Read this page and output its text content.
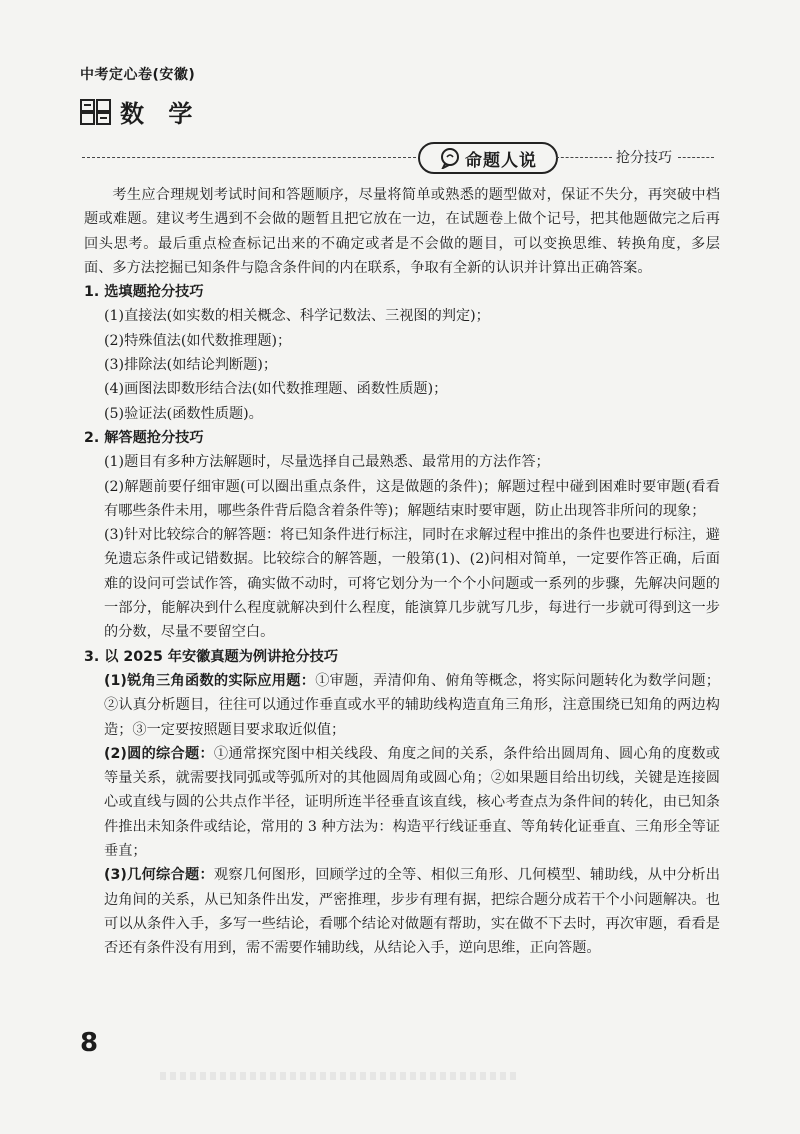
中考定心卷(安徽)
数 学
命题人说	抢分技巧

考生应合理规划考试时间和答题顺序，尽量将简单或熟悉的题型做对，保证不失分，再突破中档题或难题。建议考生遇到不会做的题暂且把它放在一边，在试题卷上做个记号，把其他题做完之后再回头思考。最后重点检查标记出来的不确定或者是不会做的题目，可以变换思维、转换角度，多层面、多方法挖掘已知条件与隐含条件间的内在联系，争取有全新的认识并计算出正确答案。

1. 选填题抢分技巧

(1)直接法(如实数的相关概念、科学记数法、三视图的判定)；

(2)特殊值法(如代数推理题)；

(3)排除法(如结论判断题)；

(4)画图法即数形结合法(如代数推理题、函数性质题)；

(5)验证法(函数性质题)。

2. 解答题抢分技巧

(1)题目有多种方法解题时，尽量选择自己最熟悉、最常用的方法作答；

(2)解题前要仔细审题(可以圈出重点条件，这是做题的条件)；解题过程中碰到困难时要审题(看看有哪些条件未用，哪些条件背后隐含着条件等)；解题结束时要审题，防止出现答非所问的现象；

(3)针对比较综合的解答题：将已知条件进行标注，同时在求解过程中推出的条件也要进行标注，避免遗忘条件或记错数据。比较综合的解答题，一般第(1)、(2)问相对简单，一定要作答正确，后面难的设问可尝试作答，确实做不动时，可将它划分为一个个小问题或一系列的步骤，先解决问题的一部分，能解决到什么程度就解决到什么程度，能演算几步就写几步，每进行一步就可得到这一步的分数，尽量不要留空白。

3. 以 2025 年安徽真题为例讲抢分技巧

(1)锐角三角函数的实际应用题：①审题，弄清仰角、俯角等概念，将实际问题转化为数学问题；②认真分析题目，往往可以通过作垂直或水平的辅助线构造直角三角形，注意围绕已知角的两边构造；③一定要按照题目要求取近似值；

(2)圆的综合题：①通常探究图中相关线段、角度之间的关系，条件给出圆周角、圆心角的度数或等量关系，就需要找同弧或等弧所对的其他圆周角或圆心角；②如果题目给出切线，关键是连接圆心或直线与圆的公共点作半径，证明所连半径垂直该直线，核心考查点为条件间的转化，由已知条件推出未知条件或结论，常用的 3 种方法为：构造平行线证垂直、等角转化证垂直、三角形全等证垂直；

(3)几何综合题：观察几何图形，回顾学过的全等、相似三角形、几何模型、辅助线，从中分析出边角间的关系，从已知条件出发，严密推理，步步有理有据，把综合题分成若干个小问题解决。也可以从条件入手，多写一些结论，看哪个结论对做题有帮助，实在做不下去时，再次审题，看看是否还有条件没有用到，需不需要作辅助线，从结论入手，逆向思维，正向答题。

8
